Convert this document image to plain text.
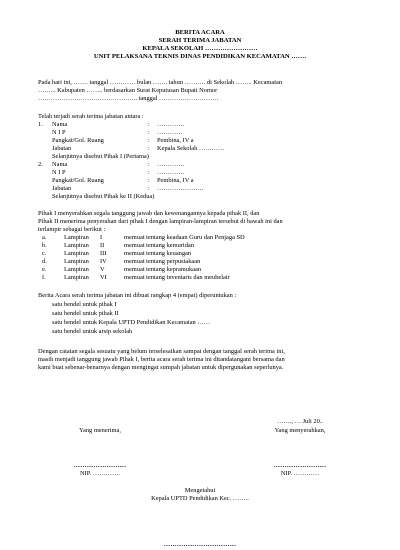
BERITA ACARA
SERAH TERIMA JABATAN
KEPALA SEKOLAH ……………………
UNIT PELAKSANA TEKNIS DINAS PENDIDIKAN KECAMATAN …….
Pada hari ini, ……. tanggal ………… bulan ……. tahun ………. di Sekolah …….. Kecamatan
……... Kabupaten …….. berdasarkan Surat Keputusan Bupati Nomor
……………………………………….. tanggal ……………………….
Telah terjadi serah terima jabatan antara :
1. Nama	: ………….
N I P	: …………
Pangkat/Gol. Ruang	: Pembina, IV a
Jabatan	: Kepala Sekolah …………
Selanjutnya disebut Pihak I (Pertama)
2. Nama	: ………….
N I P	: ………….
Pangkat/Gol. Ruang	: Pembina, IV a
Jabatan	: ………………….
Selanjutnya disebut Pihak ke II (Kedua)
Pihak I menyerahkan segala tanggung jawab dan kewenangannya kepada pihak II, dan
Pihak II menerima penyerahan dari pihak I dengan lampiran-lampiran tersebut di bawah ini dan
terlampir sebagai berikut :
a.	Lampiran I	memuat tentang keadaan Guru dan Penjaga SD
b.	Lampiran II	memuat tentang kemuridan
c.	Lampiran III	memuat tentang keuangan
d.	Lampiran IV	memuat tentang perpustakaan
e.	Lampiran V	memuat tentang kepramukaan
f.	Lampiran VI	memuat tentang inventaris dan meubelair
Berita Acara serah terima jabatan ini dibuat rangkap 4 (empat) diperuntukan :
satu bendel untuk pihak I
satu bendel untuk pihak II
satu bendel untuk Kepala UPTD Pendidikan Kecamatan ……
satu bendel untuk arsip sekolah
Dengan catatan segala sesuatu yang belum terselesaikan sampai dengan tanggal serah terima ini,
masih menjadi tanggung jawab Pihak I, berita acara serah terima ini ditandatangani bersama dan
kami buat sebenar-benarnya dengan mengingat sumpah jabatan untuk dipergunakan seperlunya.
……., … Juli 20..
Yang menerima,	Yang menyerahkan,
……………………	……………………
NIP. ………….	NIP. …………
Mengetahui
Kepala UPTD Pendidikan Kec. ……..
……………………………
